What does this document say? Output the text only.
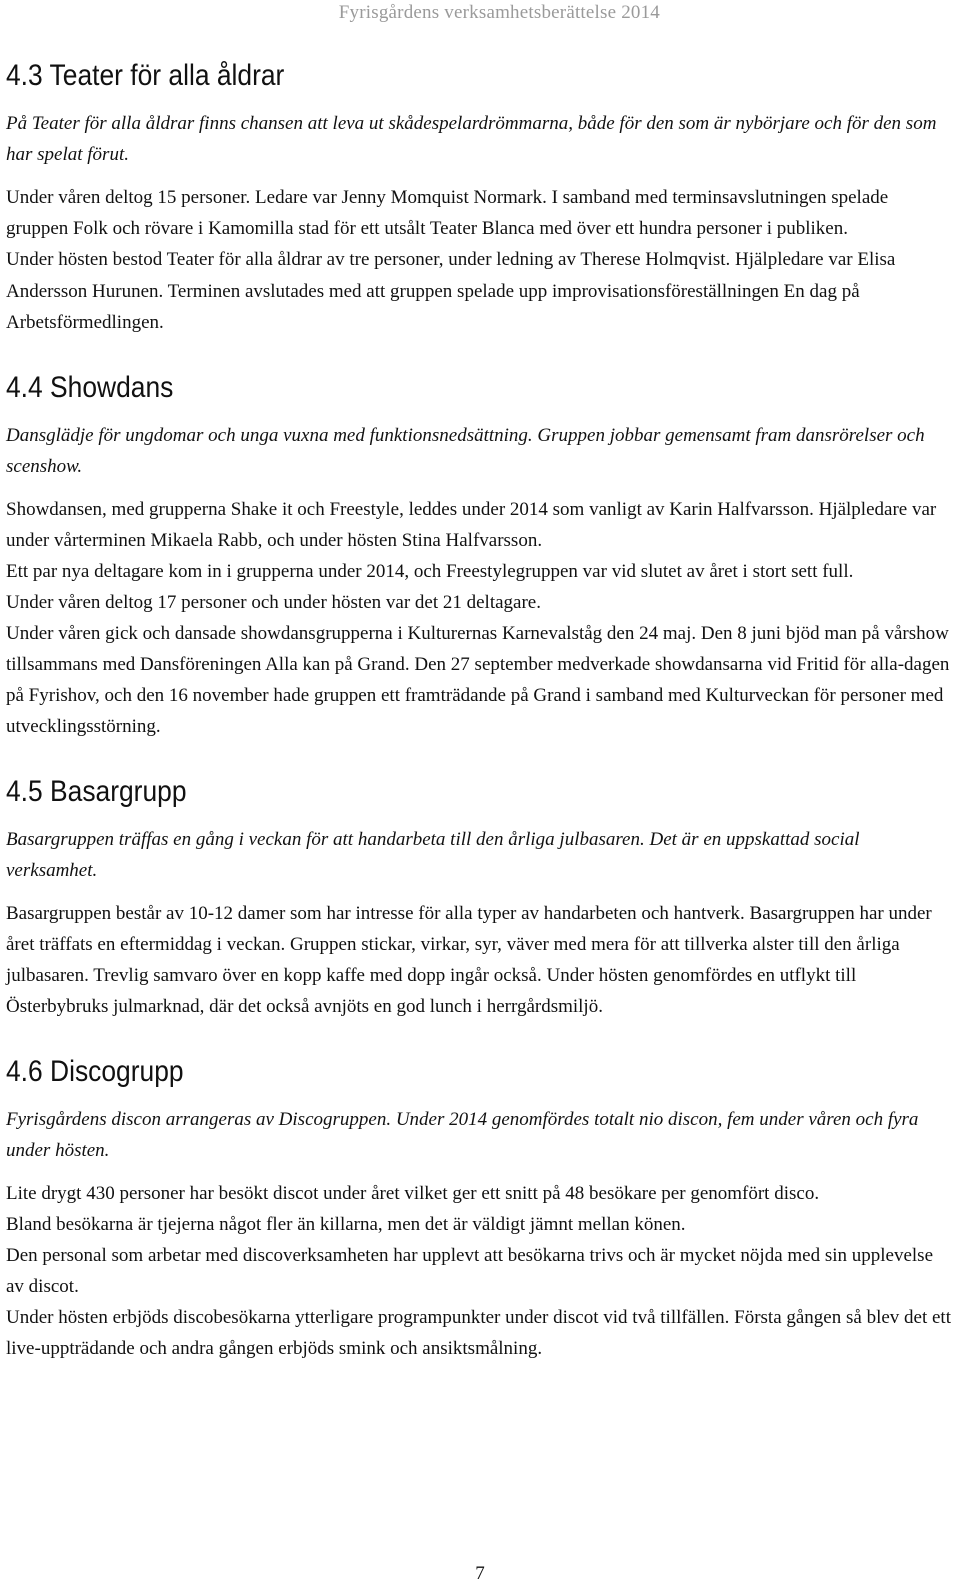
Fyrisgårdens verksamhetsberättelse 2014
4.3 Teater för alla åldrar

På Teater för alla åldrar finns chansen att leva ut skådespelardrömmarna, både för den som är nybörjare och för den som har spelat förut.

Under våren deltog 15 personer. Ledare var Jenny Momquist Normark. I samband med terminsavslutningen spelade gruppen Folk och rövare i Kamomilla stad för ett utsålt Teater Blanca med över ett hundra personer i publiken.

Under hösten bestod Teater för alla åldrar av tre personer, under ledning av Therese Holmqvist. Hjälpledare var Elisa Andersson Hurunen. Terminen avslutades med att gruppen spelade upp improvisationsföreställningen En dag på Arbetsförmedlingen.

4.4 Showdans

Dansglädje för ungdomar och unga vuxna med funktionsnedsättning. Gruppen jobbar gemensamt fram dansrörelser och scenshow.

Showdansen, med grupperna Shake it och Freestyle, leddes under 2014 som vanligt av Karin Halfvarsson. Hjälpledare var under vårterminen Mikaela Rabb, och under hösten Stina Halfvarsson.

Ett par nya deltagare kom in i grupperna under 2014, och Freestylegruppen var vid slutet av året i stort sett full.

Under våren deltog 17 personer och under hösten var det 21 deltagare.

Under våren gick och dansade showdansgrupperna i Kulturernas Karnevalståg den 24 maj. Den 8 juni bjöd man på vårshow tillsammans med Dansföreningen Alla kan på Grand. Den 27 september medverkade showdansarna vid Fritid för alla-dagen på Fyrishov, och den 16 november hade gruppen ett framträdande på Grand i samband med Kulturveckan för personer med utvecklingsstörning.

4.5 Basargrupp

Basargruppen träffas en gång i veckan för att handarbeta till den årliga julbasaren. Det är en uppskattad social verksamhet.

Basargruppen består av 10-12 damer som har intresse för alla typer av handarbeten och hantverk. Basargruppen har under året träffats en eftermiddag i veckan. Gruppen stickar, virkar, syr, väver med mera för att tillverka alster till den årliga julbasaren. Trevlig samvaro över en kopp kaffe med dopp ingår också. Under hösten genomfördes en utflykt till Österbybruks julmarknad, där det också avnjöts en god lunch i herrgårdsmiljö.

4.6 Discogrupp

Fyrisgårdens discon arrangeras av Discogruppen. Under 2014 genomfördes totalt nio discon, fem under våren och fyra under hösten.

Lite drygt 430 personer har besökt discot under året vilket ger ett snitt på 48 besökare per genomfört disco.

Bland besökarna är tjejerna något fler än killarna, men det är väldigt jämnt mellan könen.

Den personal som arbetar med discoverksamheten har upplevt att besökarna trivs och är mycket nöjda med sin upplevelse av discot.

Under hösten erbjöds discobesökarna ytterligare programpunkter under discot vid två tillfällen. Första gången så blev det ett live-uppträdande och andra gången erbjöds smink och ansiktsmålning.

7
